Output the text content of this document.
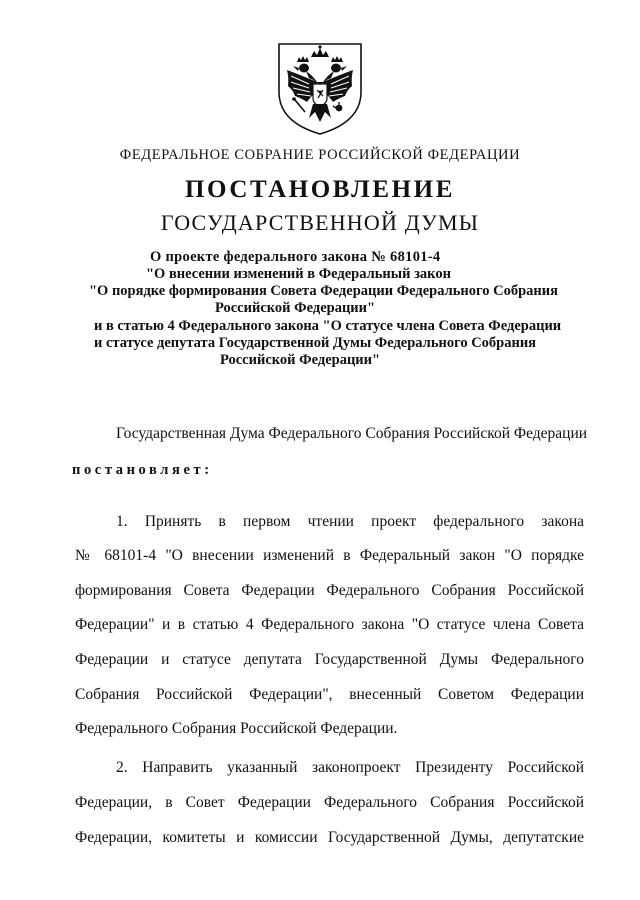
ФЕДЕРАЛЬНОЕ СОБРАНИЕ РОССИЙСКОЙ ФЕДЕРАЦИИ
ПОСТАНОВЛЕНИЕ
ГОСУДАРСТВЕННОЙ ДУМЫ
О проекте федерального закона № 68101-4
"О внесении изменений в Федеральный закон
"О порядке формирования Совета Федерации Федерального Собрания
Российской Федерации"
и в статью 4 Федерального закона "О статусе члена Совета Федерации
и статусе депутата Государственной Думы Федерального Собрания
Российской Федерации"
Государственная Дума Федерального Собрания Российской Федерации
постановляет:
1. Принять в первом чтении проект федерального закона
№ 68101-4 "О внесении изменений в Федеральный закон "О порядке
формирования Совета Федерации Федерального Собрания Российской
Федерации" и в статью 4 Федерального закона "О статусе члена Совета
Федерации и статусе депутата Государственной Думы Федерального
Собрания Российской Федерации", внесенный Советом Федерации
Федерального Собрания Российской Федерации.
2. Направить указанный законопроект Президенту Российской
Федерации, в Совет Федерации Федерального Собрания Российской
Федерации, комитеты и комиссии Государственной Думы, депутатские
